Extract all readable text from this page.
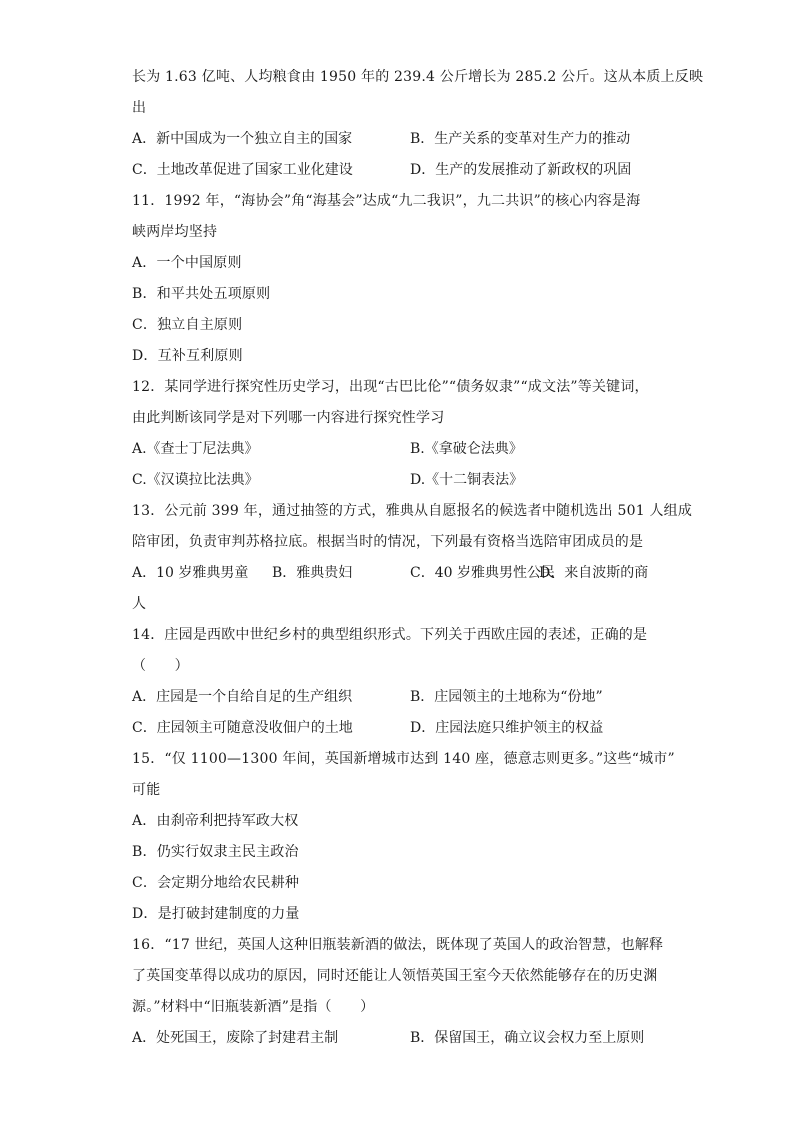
长为 1.63 亿吨、人均粮食由 1950 年的 239.4 公斤增长为 285.2 公斤。这从本质上反映
出
A．新中国成为一个独立自主的国家	B．生产关系的变革对生产力的推动
C．土地改革促进了国家工业化建设	D．生产的发展推动了新政权的巩固
11．1992 年，“海协会”角“海基会”达成“九二我识”，九二共识”的核心内容是海
峡两岸均坚持
A．一个中国原则
B．和平共处五项原则
C．独立自主原则
D．互补互利原则
12．某同学进行探究性历史学习，出现“古巴比伦”“债务奴隶”“成文法”等关键词，
由此判断该同学是对下列哪一内容进行探究性学习
A.《查士丁尼法典》	B.《拿破仑法典》
C.《汉谟拉比法典》	D.《十二铜表法》
13．公元前 399 年，通过抽签的方式，雅典从自愿报名的候选者中随机选出 501 人组成
陪审团，负责审判苏格拉底。根据当时的情况，下列最有资格当选陪审团成员的是
A．10 岁雅典男童 B．雅典贵妇	C．40 岁雅典男性公民
D．来自波斯的商
人
14．庄园是西欧中世纪乡村的典型组织形式。下列关于西欧庄园的表述，正确的是
（　　）
A．庄园是一个自给自足的生产组织	B．庄园领主的土地称为“份地”
C．庄园领主可随意没收佃户的土地	D．庄园法庭只维护领主的权益
15．“仅 1100—1300 年间，英国新增城市达到 140 座，德意志则更多。”这些“城市”
可能
A．由刹帝利把持军政大权
B．仍实行奴隶主民主政治
C．会定期分地给农民耕种
D．是打破封建制度的力量
16．“17 世纪，英国人这种旧瓶装新酒的做法，既体现了英国人的政治智慧，也解释
了英国变革得以成功的原因，同时还能让人领悟英国王室今天依然能够存在的历史渊
源。”材料中“旧瓶装新酒”是指（　　）
A．处死国王，废除了封建君主制	B．保留国王，确立议会权力至上原则
